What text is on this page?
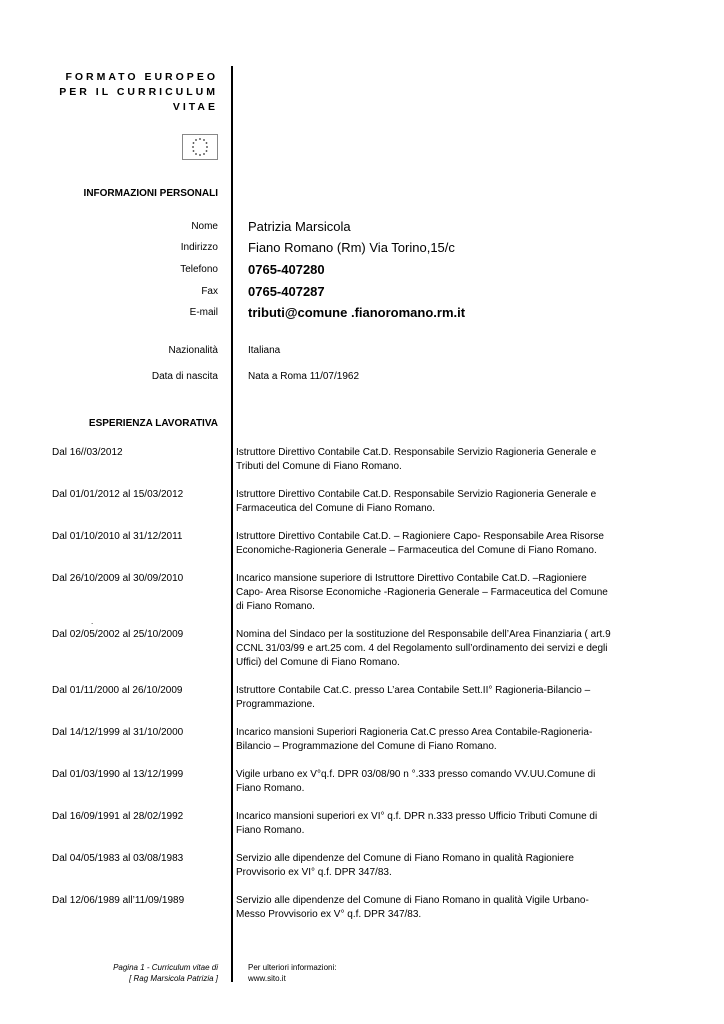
FORMATO EUROPEO
PER IL CURRICULUM
VITAE
INFORMAZIONI PERSONALI
Nome Patrizia Marsicola
Indirizzo Fiano Romano (Rm) Via Torino,15/c
Telefono 0765-407280
Fax 0765-407287
E-mail tributi@comune .fianoromano.rm.it
Nazionalità	Italiana
Data di nascita	Nata a Roma 11/07/1962
ESPERIENZA LAVORATIVA
Dal 16//03/2012	Istruttore Direttivo Contabile Cat.D. Responsabile Servizio Ragioneria Generale e
Tributi del Comune di Fiano Romano.
Dal 01/01/2012 al 15/03/2012	Istruttore Direttivo Contabile Cat.D. Responsabile Servizio Ragioneria Generale e
Farmaceutica del Comune di Fiano Romano.
Dal 01/10/2010 al 31/12/2011	Istruttore Direttivo Contabile Cat.D. – Ragioniere Capo- Responsabile Area Risorse
Economiche-Ragioneria Generale – Farmaceutica del Comune di Fiano Romano.
Dal 26/10/2009 al 30/09/2010	Incarico mansione superiore di Istruttore Direttivo Contabile Cat.D. –Ragioniere
Capo- Area Risorse Economiche -Ragioneria Generale – Farmaceutica del Comune
di Fiano Romano.
.
Dal 02/05/2002 al 25/10/2009	Nomina del Sindaco per la sostituzione del Responsabile dell’Area Finanziaria ( art.9
CCNL 31/03/99 e art.25 com. 4 del Regolamento sull’ordinamento dei servizi e degli
Uffici) del Comune di Fiano Romano.
Dal 01/11/2000 al 26/10/2009	Istruttore Contabile Cat.C. presso L’area Contabile Sett.II° Ragioneria-Bilancio –
Programmazione.
Dal 14/12/1999 al 31/10/2000	Incarico mansioni Superiori Ragioneria Cat.C presso Area Contabile-Ragioneria-
Bilancio – Programmazione del Comune di Fiano Romano.
Dal 01/03/1990 al 13/12/1999	Vigile urbano ex V°q.f. DPR 03/08/90 n °.333 presso comando VV.UU.Comune di
Fiano Romano.
Dal 16/09/1991 al 28/02/1992	Incarico mansioni superiori ex VI° q.f. DPR n.333 presso Ufficio Tributi Comune di
Fiano Romano.
Dal 04/05/1983 al 03/08/1983	Servizio alle dipendenze del Comune di Fiano Romano in qualità Ragioniere
Provvisorio ex VI° q.f. DPR 347/83.
Dal 12/06/1989 all’11/09/1989	Servizio alle dipendenze del Comune di Fiano Romano in qualità Vigile Urbano-
Messo Provvisorio ex V° q.f. DPR 347/83.
Pagina 1 - Curriculum vitae di
[ Rag Marsicola Patrizia ]
Per ulteriori informazioni:
www.sito.it
